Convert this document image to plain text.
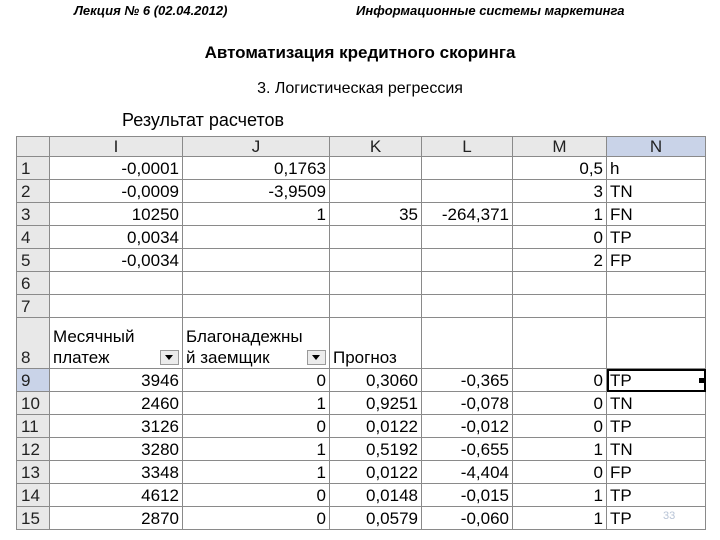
Лекция № 6 (02.04.2012)	Информационные системы маркетинга
Автоматизация кредитного скоринга
3. Логистическая регрессия
Результат расчетов
	I	J	K	L	M	N
1	-0,0001	0,1763			0,5	h
2	-0,0009	-3,9509			3	TN
3	10250	1	35	-264,371	1	FN
4	0,0034				0	TP
5	-0,0034				2	FP
6						
7						
8	Месячный платеж	Благонадежны й заемщик	Прогноз			
9	3946	0	0,3060	-0,365	0	TP
10	2460	1	0,9251	-0,078	0	TN
11	3126	0	0,0122	-0,012	0	TP
12	3280	1	0,5192	-0,655	1	TN
13	3348	1	0,0122	-4,404	0	FP
14	4612	0	0,0148	-0,015	1	TP
15	2870	0	0,0579	-0,060	1	TP	33
